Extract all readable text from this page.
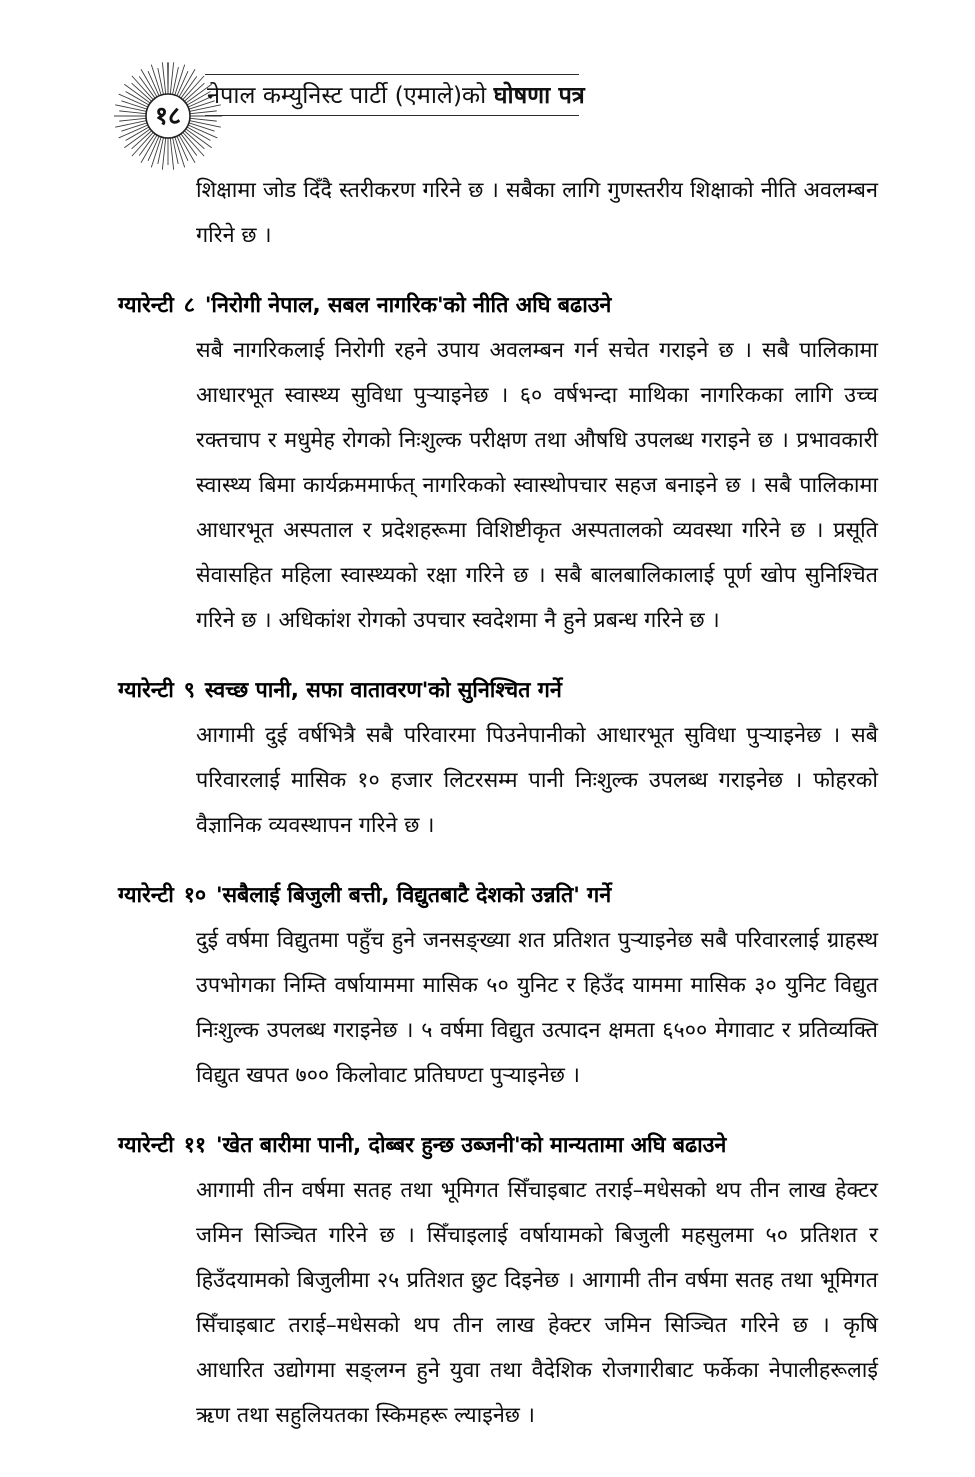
१८
नेपाल कम्युनिस्ट पार्टी (एमाले)को घोषणा पत्र

शिक्षामा जोड दिँदै स्तरीकरण गरिने छ । सबैका लागि गुणस्तरीय शिक्षाको नीति अवलम्बन गरिने छ ।

ग्यारेन्टी ८ 'निरोगी नेपाल, सबल नागरिक'को नीति अघि बढाउने

सबै नागरिकलाई निरोगी रहने उपाय अवलम्बन गर्न सचेत गराइने छ । सबै पालिकामा आधारभूत स्वास्थ्य सुविधा पुऱ्याइनेछ । ६० वर्षभन्दा माथिका नागरिकका लागि उच्च रक्तचाप र मधुमेह रोगको निःशुल्क परीक्षण तथा औषधि उपलब्ध गराइने छ । प्रभावकारी स्वास्थ्य बिमा कार्यक्रममार्फत् नागरिकको स्वास्थोपचार सहज बनाइने छ । सबै पालिकामा आधारभूत अस्पताल र प्रदेशहरूमा विशिष्टीकृत अस्पतालको व्यवस्था गरिने छ । प्रसूति सेवासहित महिला स्वास्थ्यको रक्षा गरिने छ । सबै बालबालिकालाई पूर्ण खोप सुनिश्चित गरिने छ । अधिकांश रोगको उपचार स्वदेशमा नै हुने प्रबन्ध गरिने छ ।

ग्यारेन्टी ९ स्वच्छ पानी, सफा वातावरण'को सुनिश्चित गर्ने

आगामी दुई वर्षभित्रै सबै परिवारमा पिउनेपानीको आधारभूत सुविधा पुऱ्याइनेछ । सबै परिवारलाई मासिक १० हजार लिटरसम्म पानी निःशुल्क उपलब्ध गराइनेछ । फोहरको वैज्ञानिक व्यवस्थापन गरिने छ ।

ग्यारेन्टी १० 'सबैलाई बिजुली बत्ती, विद्युतबाटै देशको उन्नति' गर्ने

दुई वर्षमा विद्युतमा पहुँच हुने जनसङ्ख्या शत प्रतिशत पुऱ्याइनेछ सबै परिवारलाई ग्राहस्थ उपभोगका निम्ति वर्षायाममा मासिक ५० युनिट र हिउँद याममा मासिक ३० युनिट विद्युत निःशुल्क उपलब्ध गराइनेछ । ५ वर्षमा विद्युत उत्पादन क्षमता ६५०० मेगावाट र प्रतिव्यक्ति विद्युत खपत ७०० किलोवाट प्रतिघण्टा पुऱ्याइनेछ ।

ग्यारेन्टी ११ 'खेत बारीमा पानी, दोब्बर हुन्छ उब्जनी'को मान्यतामा अघि बढाउने

आगामी तीन वर्षमा सतह तथा भूमिगत सिँचाइबाट तराई–मधेसको थप तीन लाख हेक्टर जमिन सिञ्चित गरिने छ । सिँचाइलाई वर्षायामको बिजुली महसुलमा ५० प्रतिशत र हिउँदयामको बिजुलीमा २५ प्रतिशत छुट दिइनेछ । आगामी तीन वर्षमा सतह तथा भूमिगत सिँचाइबाट तराई–मधेसको थप तीन लाख हेक्टर जमिन सिञ्चित गरिने छ । कृषि आधारित उद्योगमा सङ्लग्न हुने युवा तथा वैदेशिक रोजगारीबाट फर्केका नेपालीहरूलाई ऋण तथा सहुलियतका स्किमहरू ल्याइनेछ ।
